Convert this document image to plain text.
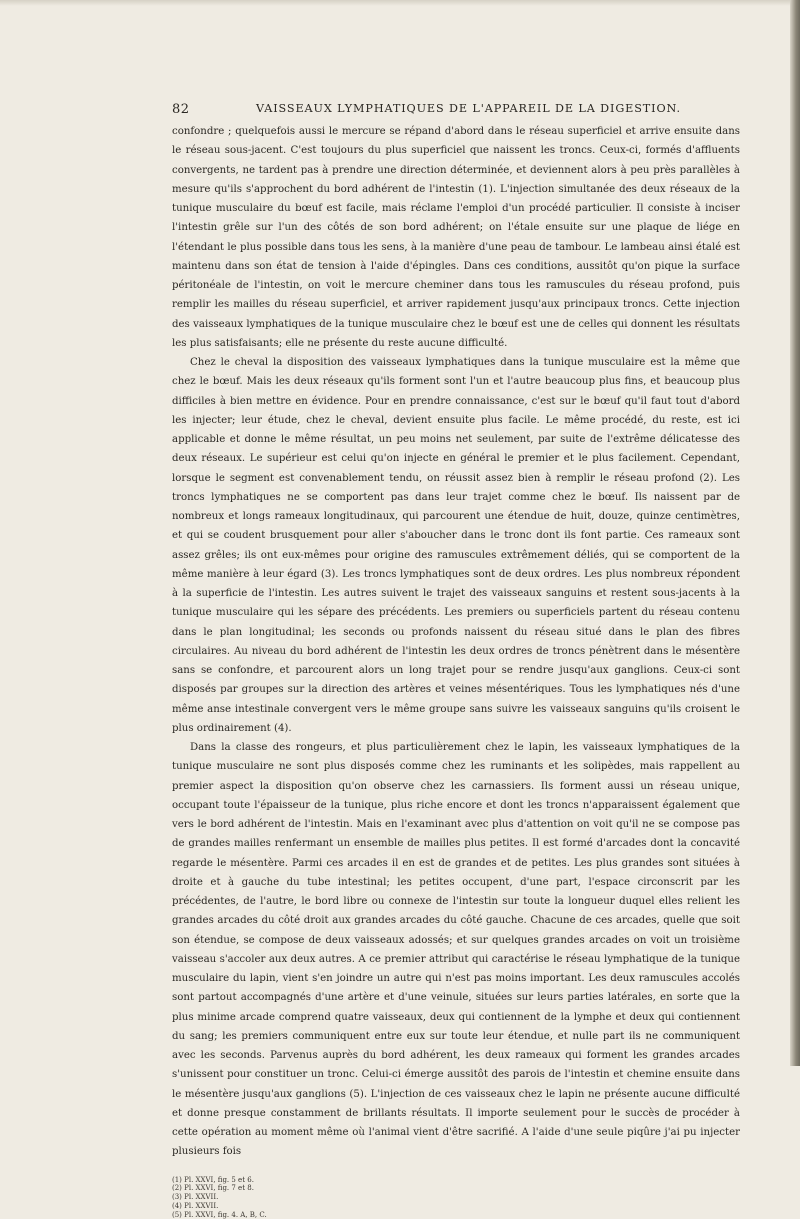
82	VAISSEAUX LYMPHATIQUES DE L'APPAREIL DE LA DIGESTION.

confondre ; quelquefois aussi le mercure se répand d'abord dans le réseau superficiel et arrive ensuite dans le réseau sous-jacent. C'est toujours du plus superficiel que naissent les troncs. Ceux-ci, formés d'affluents convergents, ne tardent pas à prendre une direction déterminée, et deviennent alors à peu près parallèles à mesure qu'ils s'approchent du bord adhérent de l'intestin (1). L'injection simultanée des deux réseaux de la tunique musculaire du bœuf est facile, mais réclame l'emploi d'un procédé particulier. Il consiste à inciser l'intestin grêle sur l'un des côtés de son bord adhérent; on l'étale ensuite sur une plaque de liége en l'étendant le plus possible dans tous les sens, à la manière d'une peau de tambour. Le lambeau ainsi étalé est maintenu dans son état de tension à l'aide d'épingles. Dans ces conditions, aussitôt qu'on pique la surface péritonéale de l'intestin, on voit le mercure cheminer dans tous les ramuscules du réseau profond, puis remplir les mailles du réseau superficiel, et arriver rapidement jusqu'aux principaux troncs. Cette injection des vaisseaux lymphatiques de la tunique musculaire chez le bœuf est une de celles qui donnent les résultats les plus satisfaisants; elle ne présente du reste aucune difficulté.

Chez le cheval la disposition des vaisseaux lymphatiques dans la tunique musculaire est la même que chez le bœuf. Mais les deux réseaux qu'ils forment sont l'un et l'autre beaucoup plus fins, et beaucoup plus difficiles à bien mettre en évidence. Pour en prendre connaissance, c'est sur le bœuf qu'il faut tout d'abord les injecter; leur étude, chez le cheval, devient ensuite plus facile. Le même procédé, du reste, est ici applicable et donne le même résultat, un peu moins net seulement, par suite de l'extrême délicatesse des deux réseaux. Le supérieur est celui qu'on injecte en général le premier et le plus facilement. Cependant, lorsque le segment est convenablement tendu, on réussit assez bien à remplir le réseau profond (2). Les troncs lymphatiques ne se comportent pas dans leur trajet comme chez le bœuf. Ils naissent par de nombreux et longs rameaux longitudinaux, qui parcourent une étendue de huit, douze, quinze centimètres, et qui se coudent brusquement pour aller s'aboucher dans le tronc dont ils font partie. Ces rameaux sont assez grêles; ils ont eux-mêmes pour origine des ramuscules extrêmement déliés, qui se comportent de la même manière à leur égard (3). Les troncs lymphatiques sont de deux ordres. Les plus nombreux répondent à la superficie de l'intestin. Les autres suivent le trajet des vaisseaux sanguins et restent sous-jacents à la tunique musculaire qui les sépare des précédents. Les premiers ou superficiels partent du réseau contenu dans le plan longitudinal; les seconds ou profonds naissent du réseau situé dans le plan des fibres circulaires. Au niveau du bord adhérent de l'intestin les deux ordres de troncs pénètrent dans le mésentère sans se confondre, et parcourent alors un long trajet pour se rendre jusqu'aux ganglions. Ceux-ci sont disposés par groupes sur la direction des artères et veines mésentériques. Tous les lymphatiques nés d'une même anse intestinale convergent vers le même groupe sans suivre les vaisseaux sanguins qu'ils croisent le plus ordinairement (4).

Dans la classe des rongeurs, et plus particulièrement chez le lapin, les vaisseaux lymphatiques de la tunique musculaire ne sont plus disposés comme chez les ruminants et les solipèdes, mais rappellent au premier aspect la disposition qu'on observe chez les carnassiers. Ils forment aussi un réseau unique, occupant toute l'épaisseur de la tunique, plus riche encore et dont les troncs n'apparaissent également que vers le bord adhérent de l'intestin. Mais en l'examinant avec plus d'attention on voit qu'il ne se compose pas de grandes mailles renfermant un ensemble de mailles plus petites. Il est formé d'arcades dont la concavité regarde le mésentère. Parmi ces arcades il en est de grandes et de petites. Les plus grandes sont situées à droite et à gauche du tube intestinal; les petites occupent, d'une part, l'espace circonscrit par les précédentes, de l'autre, le bord libre ou connexe de l'intestin sur toute la longueur duquel elles relient les grandes arcades du côté droit aux grandes arcades du côté gauche. Chacune de ces arcades, quelle que soit son étendue, se compose de deux vaisseaux adossés; et sur quelques grandes arcades on voit un troisième vaisseau s'accoler aux deux autres. A ce premier attribut qui caractérise le réseau lymphatique de la tunique musculaire du lapin, vient s'en joindre un autre qui n'est pas moins important. Les deux ramuscules accolés sont partout accompagnés d'une artère et d'une veinule, situées sur leurs parties latérales, en sorte que la plus minime arcade comprend quatre vaisseaux, deux qui contiennent de la lymphe et deux qui contiennent du sang; les premiers communiquent entre eux sur toute leur étendue, et nulle part ils ne communiquent avec les seconds. Parvenus auprès du bord adhérent, les deux rameaux qui forment les grandes arcades s'unissent pour constituer un tronc. Celui-ci émerge aussitôt des parois de l'intestin et chemine ensuite dans le mésentère jusqu'aux ganglions (5). L'injection de ces vaisseaux chez le lapin ne présente aucune difficulté et donne presque constamment de brillants résultats. Il importe seulement pour le succès de procéder à cette opération au moment même où l'animal vient d'être sacrifié. A l'aide d'une seule piqûre j'ai pu injecter plusieurs fois

(1) Pl. XXVI, fig. 5 et 6.

(2) Pl. XXVI, fig. 7 et 8.

(3) Pl. XXVII.

(4) Pl. XXVII.

(5) Pl. XXVI, fig. 4. A, B, C.
